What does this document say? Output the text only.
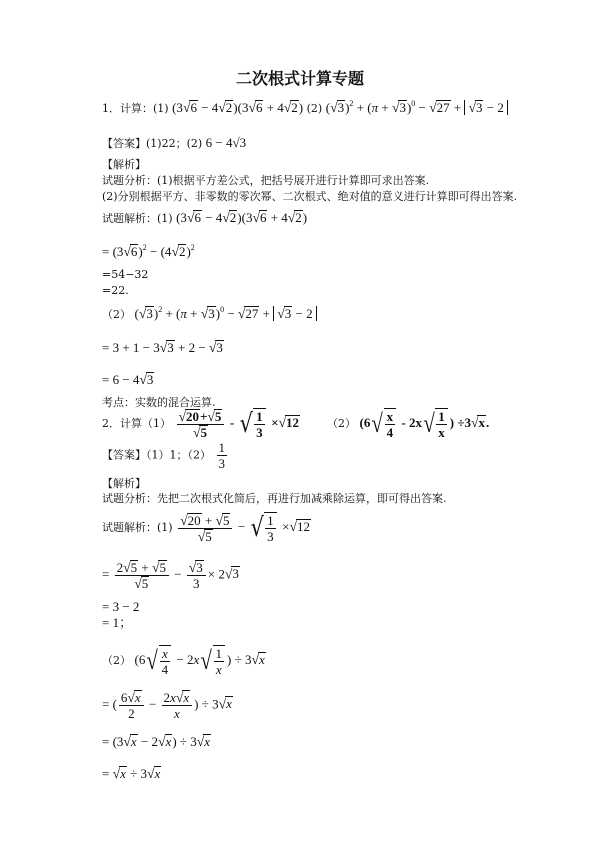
二次根式计算专题
1．计算：(1) (3√6 − 4√2)(3√6 + 4√2) (2) $(√3)^2 + (\pi + √3)^0 - √27 + √3 - 2$
【答案】(1)22；(2) 6 − 4√3
【解析】
试题分析：(1)根据平方差公式，把括号展开进行计算即可求出答案.
(2)分别根据平方、非零数的零次幂、二次根式、绝对值的意义进行计算即可得出答案.
试题解析：(1) (3√6 − 4√2)(3√6 + 4√2)
= $(3√6)^2 - (4√2)^2$
=54−32
=22.
（2） $(√3)^2 + (\pi + √3)^0 - √27 + √3 - 2$
= 3 + 1 − 3√3 + 2 − √3
= 6 − 4√3
考点：实数的混合运算.
2．计算$(1) \frac{√20+√5}{√5}$ - √ $\frac{1}{3} \times√12$	（2） ($6√ \frac{x}{4} - 2x√ \frac{1}{x}$ ) ÷3√x.
【答案】（1）1；$(2) \frac{1}{3}$
【解析】
试题分析：先把二次根式化简后，再进行加减乘除运算，即可得出答案.
试题解析：$(1) \frac{√20 + √5}{√5}$ − √ $\frac{1}{3} \times√12$
= $\frac{2√5 + √5}{√5} - \frac{√3}{3} \times 2√3$
= 3 − 2
= 1；
（2） ($6√ \frac{x}{4} - 2x√ \frac{1}{x}$ ) ÷ 3√x
= ( $\frac{6√x}{2} - \frac{2x√x}{x}$ ) ÷ 3√x
= (3√x − 2√x) ÷ 3√x
= √x ÷ 3√x
